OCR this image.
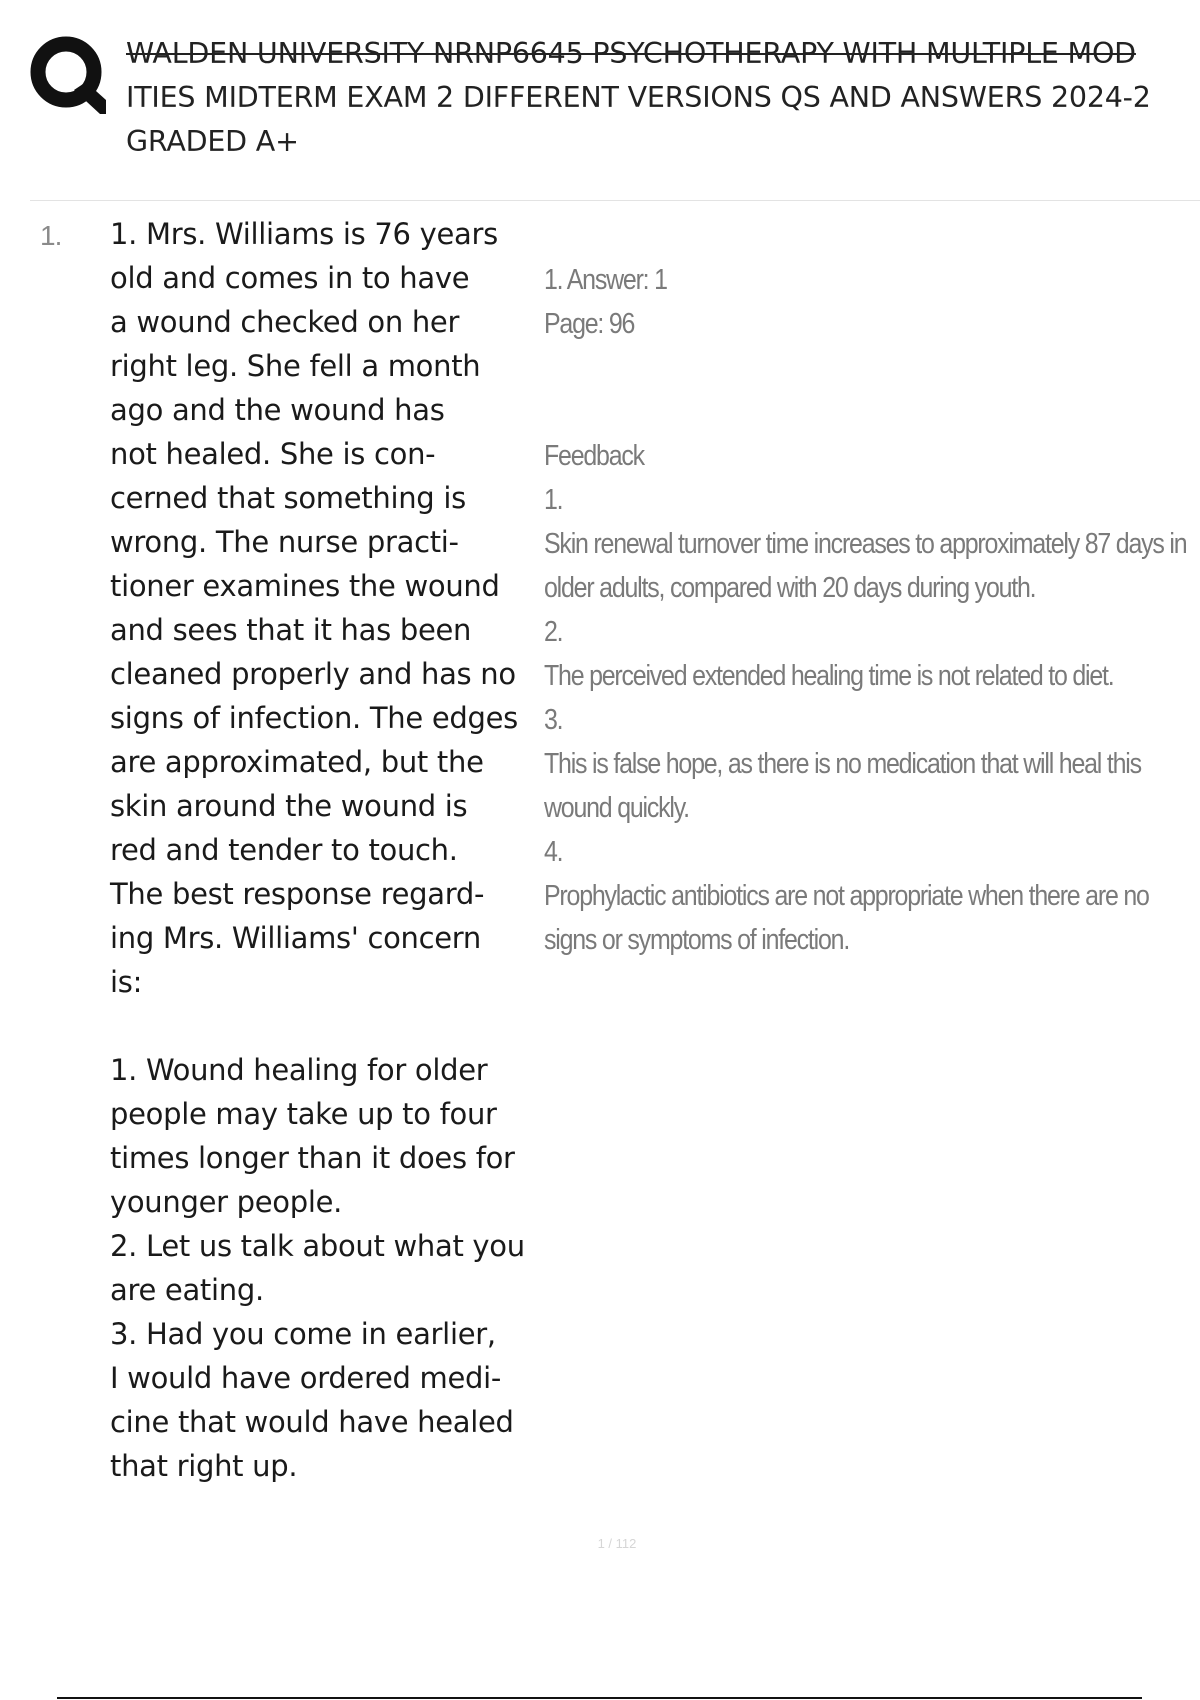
WALDEN UNIVERSITY NRNP6645 PSYCHOTHERAPY WITH MULTIPLE MOD
ITIES MIDTERM EXAM 2 DIFFERENT VERSIONS QS AND ANSWERS 2024-2
GRADED A+
1. 1. Mrs. Williams is 76 years
old and comes in to have
a wound checked on her
right leg. She fell a month
ago and the wound has
not healed. She is con-
cerned that something is
wrong. The nurse practi-
tioner examines the wound
and sees that it has been
cleaned properly and has no
signs of infection. The edges
are approximated, but the
skin around the wound is
red and tender to touch.
The best response regard-
ing Mrs. Williams' concern
is:

1. Wound healing for older
people may take up to four
times longer than it does for
younger people.
2. Let us talk about what you
are eating.
3. Had you come in earlier,
I would have ordered medi-
cine that would have healed
that right up.

1. Answer: 1
Page: 96

Feedback
1.
Skin renewal turnover time increases to approximately 87 days in
older adults, compared with 20 days during youth.
2.
The perceived extended healing time is not related to diet.
3.
This is false hope, as there is no medication that will heal this
wound quickly.
4.
Prophylactic antibiotics are not appropriate when there are no
signs or symptoms of infection.

1 / 112
